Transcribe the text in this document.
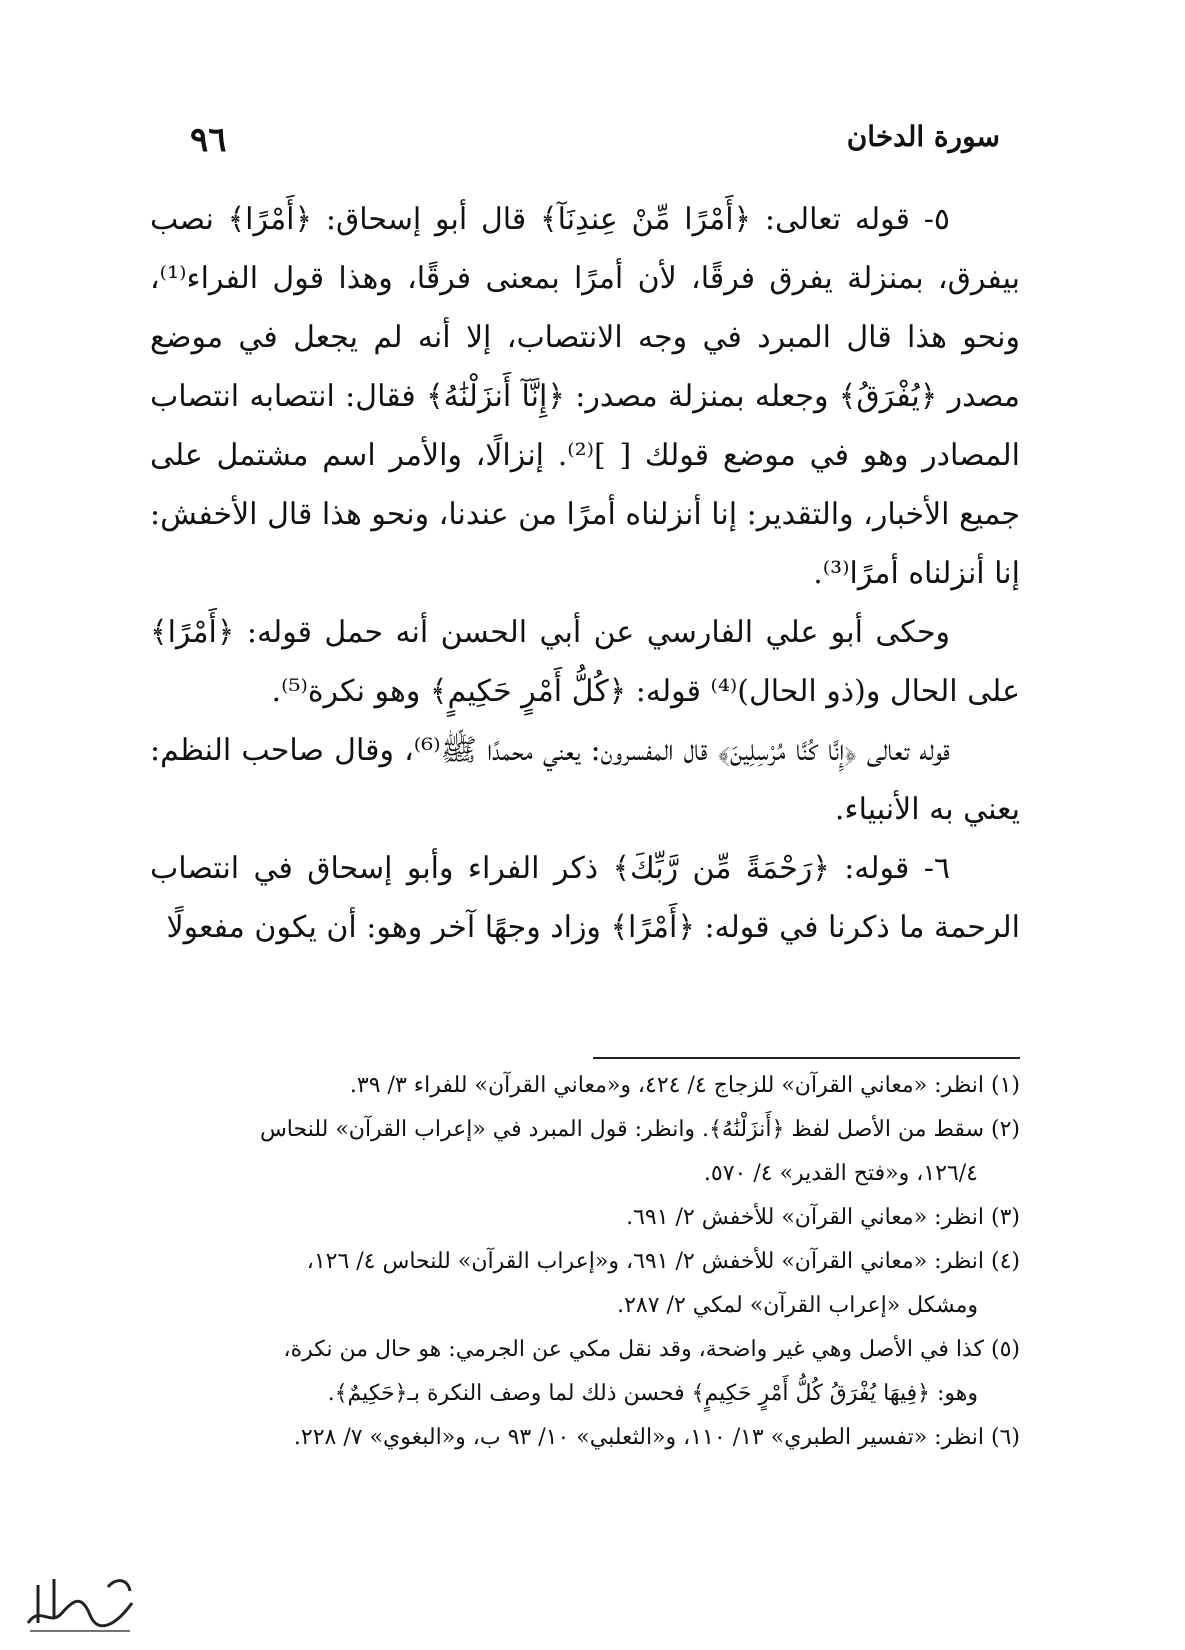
٩٦	سورة الدخان

٥- قوله تعالى: ﴿أَمْرًا مِّنْ عِندِنَآ﴾ قال أبو إسحاق: ﴿أَمْرًا﴾ نصب بيفرق، بمنزلة يفرق فرقًا، لأن أمرًا بمعنى فرقًا، وهذا قول الفراء⁽¹⁾، ونحو هذا قال المبرد في وجه الانتصاب، إلا أنه لم يجعل في موضع مصدر ﴿يُفْرَقُ﴾ وجعله بمنزلة مصدر: ﴿إِنَّآ أَنزَلْنَٰهُ﴾ فقال: انتصابه انتصاب المصادر وهو في موضع قولك [ ]⁽²⁾. إنزالًا، والأمر اسم مشتمل على جميع الأخبار، والتقدير: إنا أنزلناه أمرًا من عندنا، ونحو هذا قال الأخفش: إنا أنزلناه أمرًا⁽³⁾.

وحكى أبو علي الفارسي عن أبي الحسن أنه حمل قوله: ﴿أَمْرًا﴾ على الحال و(ذو الحال)⁽⁴⁾ قوله: ﴿كُلُّ أَمْرٍ حَكِيمٍ﴾ وهو نكرة⁽⁵⁾.

قوله تعالى ﴿إِنَّا كُنَّا مُرْسِلِينَ﴾ قال المفسرون: يعني محمدًا ﷺ⁽⁶⁾، وقال صاحب النظم: يعني به الأنبياء.

٦- قوله: ﴿رَحْمَةً مِّن رَّبِّكَ﴾ ذكر الفراء وأبو إسحاق في انتصاب الرحمة ما ذكرنا في قوله: ﴿أَمْرًا﴾ وزاد وجهًا آخر وهو: أن يكون مفعولًا

(١) انظر: «معاني القرآن» للزجاج ٤/ ٤٢٤، و«معاني القرآن» للفراء ٣/ ٣٩.

(٢) سقط من الأصل لفظ ﴿أَنزَلْنَٰهُ﴾. وانظر: قول المبرد في «إعراب القرآن» للنحاس

١٢٦/٤، و«فتح القدير» ٤/ ٥٧٠.

(٣) انظر: «معاني القرآن» للأخفش ٢/ ٦٩١.

(٤) انظر: «معاني القرآن» للأخفش ٢/ ٦٩١، و«إعراب القرآن» للنحاس ٤/ ١٢٦،

ومشكل «إعراب القرآن» لمكي ٢/ ٢٨٧.

(٥) كذا في الأصل وهي غير واضحة، وقد نقل مكي عن الجرمي: هو حال من نكرة،

وهو: ﴿فِيهَا يُفْرَقُ كُلُّ أَمْرٍ حَكِيمٍ﴾ فحسن ذلك لما وصف النكرة بـ﴿حَكِيمٌ﴾.

(٦) انظر: «تفسير الطبري» ١٣/ ١١٠، و«الثعلبي» ١٠/ ٩٣ ب، و«البغوي» ٧/ ٢٢٨.
